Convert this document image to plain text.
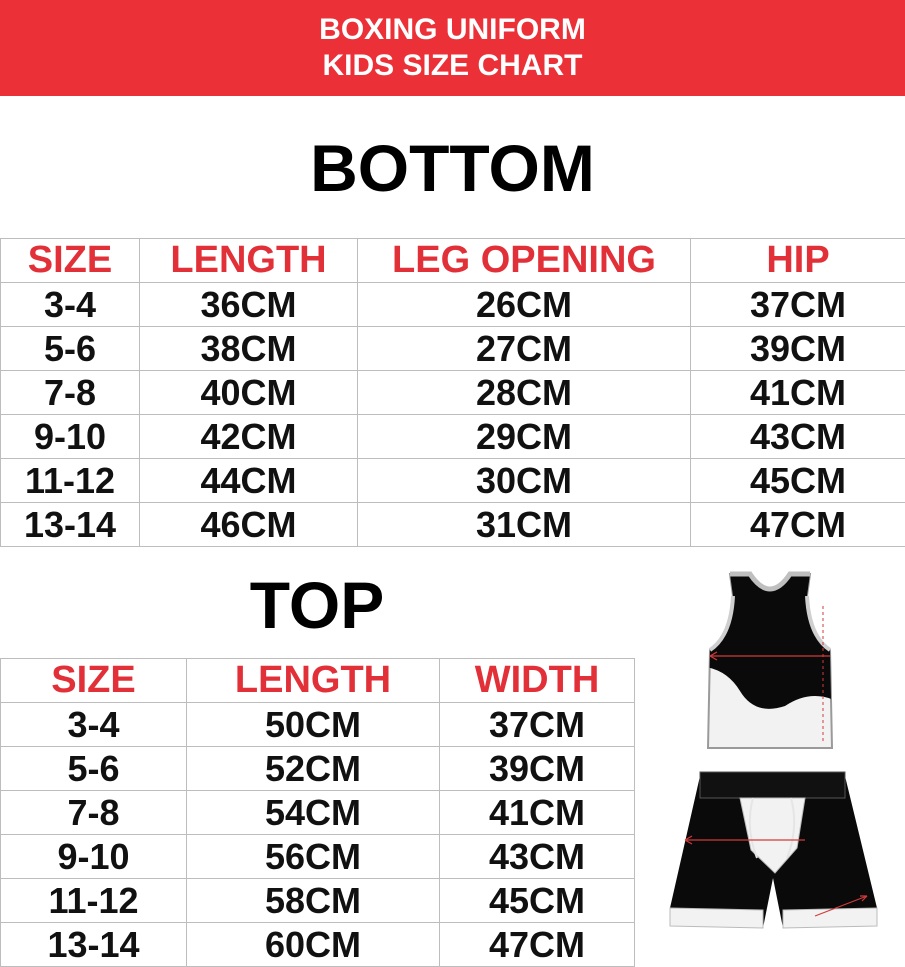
BOXING UNIFORM
KIDS SIZE CHART
BOTTOM
SIZE	LENGTH	LEG OPENING	HIP
3-4	36CM	26CM	37CM
5-6	38CM	27CM	39CM
7-8	40CM	28CM	41CM
9-10	42CM	29CM	43CM
11-12	44CM	30CM	45CM
13-14	46CM	31CM	47CM
TOP
SIZE	LENGTH	WIDTH
3-4	50CM	37CM
5-6	52CM	39CM
7-8	54CM	41CM
9-10	56CM	43CM
11-12	58CM	45CM
13-14	60CM	47CM
